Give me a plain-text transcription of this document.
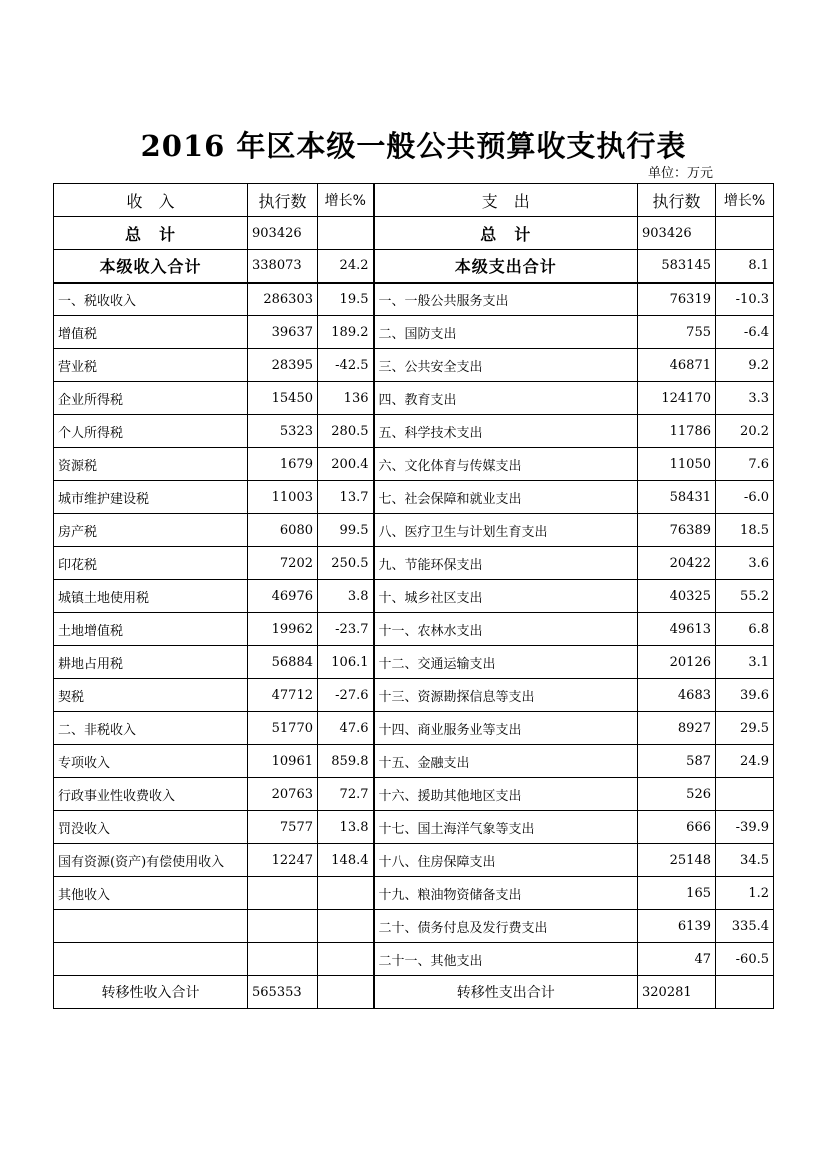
2016 年区本级一般公共预算收支执行表
单位：万元
收　入	执行数	增长%	支　出	执行数	增长%
总　计	903426		总　计	903426	
本级收入合计	338073	24.2	本级支出合计	583145	8.1
一、税收收入	286303	19.5	一、一般公共服务支出	76319	-10.3
增值税	39637	189.2	二、国防支出	755	-6.4
营业税	28395	-42.5	三、公共安全支出	46871	9.2
企业所得税	15450	136	四、教育支出	124170	3.3
个人所得税	5323	280.5	五、科学技术支出	11786	20.2
资源税	1679	200.4	六、文化体育与传媒支出	11050	7.6
城市维护建设税	11003	13.7	七、社会保障和就业支出	58431	-6.0
房产税	6080	99.5	八、医疗卫生与计划生育支出	76389	18.5
印花税	7202	250.5	九、节能环保支出	20422	3.6
城镇土地使用税	46976	3.8	十、城乡社区支出	40325	55.2
土地增值税	19962	-23.7	十一、农林水支出	49613	6.8
耕地占用税	56884	106.1	十二、交通运输支出	20126	3.1
契税	47712	-27.6	十三、资源勘探信息等支出	4683	39.6
二、非税收入	51770	47.6	十四、商业服务业等支出	8927	29.5
专项收入	10961	859.8	十五、金融支出	587	24.9
行政事业性收费收入	20763	72.7	十六、援助其他地区支出	526	
罚没收入	7577	13.8	十七、国土海洋气象等支出	666	-39.9
国有资源(资产)有偿使用收入	12247	148.4	十八、住房保障支出	25148	34.5
其他收入			十九、粮油物资储备支出	165	1.2
			二十、债务付息及发行费支出	6139	335.4
			二十一、其他支出	47	-60.5
转移性收入合计	565353		转移性支出合计	320281	
